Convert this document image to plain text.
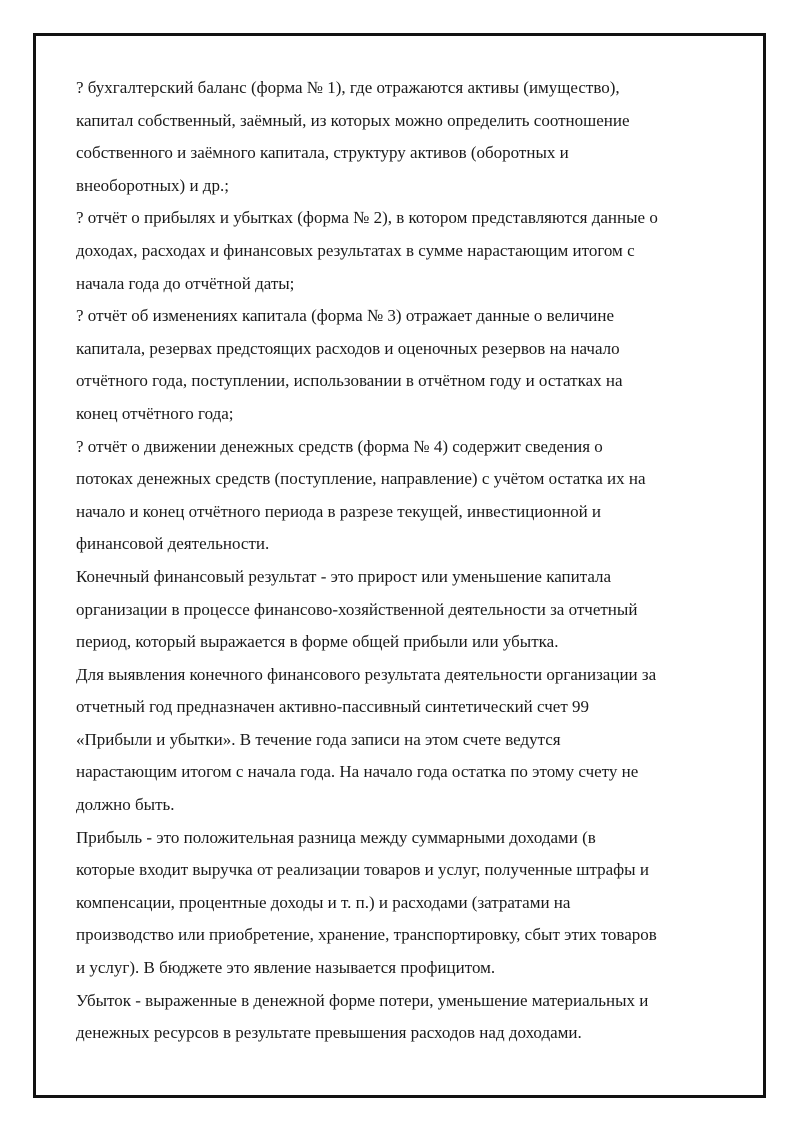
? бухгалтерский баланс (форма № 1), где отражаются активы (имущество),
капитал собственный, заёмный, из которых можно определить соотношение
собственного и заёмного капитала, структуру активов (оборотных и
внеоборотных) и др.;

? отчёт о прибылях и убытках (форма № 2), в котором представляются данные о
доходах, расходах и финансовых результатах в сумме нарастающим итогом с
начала года до отчётной даты;

? отчёт об изменениях капитала (форма № 3) отражает данные о величине
капитала, резервах предстоящих расходов и оценочных резервов на начало
отчётного года, поступлении, использовании в отчётном году и остатках на
конец отчётного года;

? отчёт о движении денежных средств (форма № 4) содержит сведения о
потоках денежных средств (поступление, направление) с учётом остатка их на
начало и конец отчётного периода в разрезе текущей, инвестиционной и
финансовой деятельности.

Конечный финансовый результат - это прирост или уменьшение капитала
организации в процессе финансово-хозяйственной деятельности за отчетный
период, который выражается в форме общей прибыли или убытка.

Для выявления конечного финансового результата деятельности организации за
отчетный год предназначен активно-пассивный синтетический счет 99
«Прибыли и убытки». В течение года записи на этом счете ведутся
нарастающим итогом с начала года. На начало года остатка по этому счету не
должно быть.

Прибыль - это положительная разница между суммарными доходами (в
которые входит выручка от реализации товаров и услуг, полученные штрафы и
компенсации, процентные доходы и т. п.) и расходами (затратами на
производство или приобретение, хранение, транспортировку, сбыт этих товаров
и услуг). В бюджете это явление называется профицитом.

Убыток - выраженные в денежной форме потери, уменьшение материальных и
денежных ресурсов в результате превышения расходов над доходами.
